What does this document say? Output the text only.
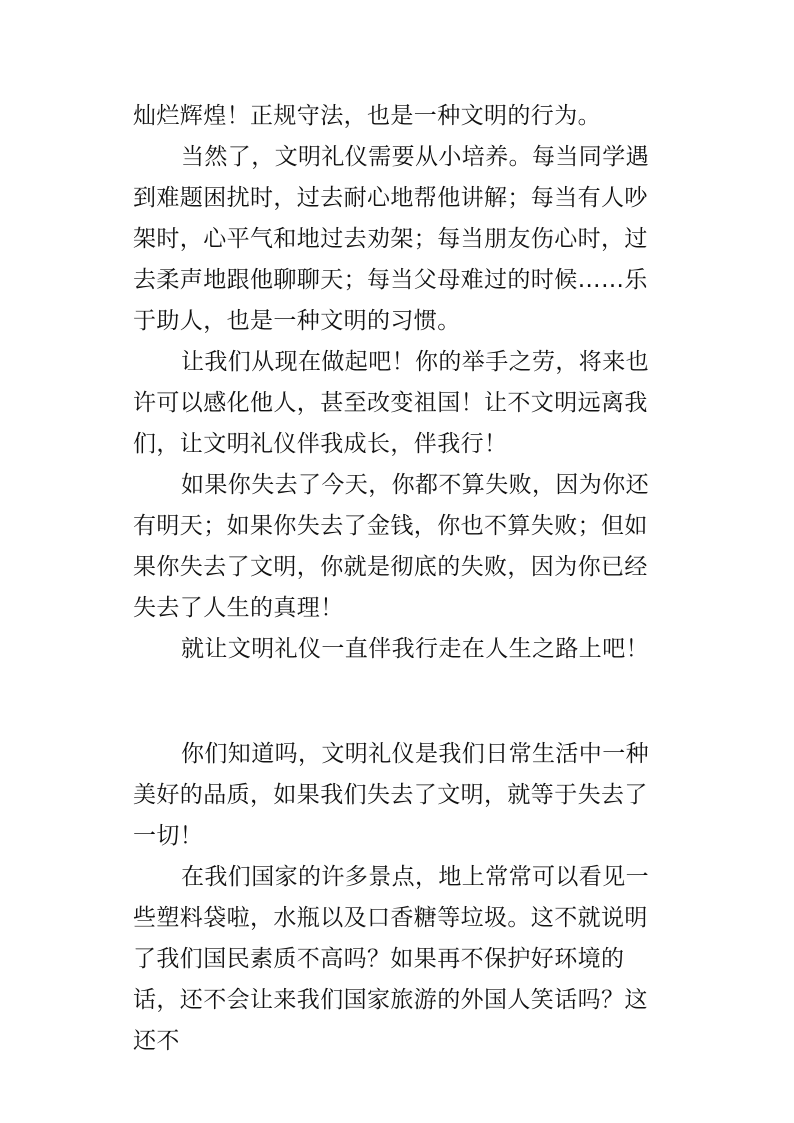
灿烂辉煌！正规守法，也是一种文明的行为。

当然了，文明礼仪需要从小培养。每当同学遇到难题困扰时，过去耐心地帮他讲解；每当有人吵架时，心平气和地过去劝架；每当朋友伤心时，过去柔声地跟他聊聊天；每当父母难过的时候……乐于助人，也是一种文明的习惯。

让我们从现在做起吧！你的举手之劳，将来也许可以感化他人，甚至改变祖国！让不文明远离我们，让文明礼仪伴我成长，伴我行！

如果你失去了今天，你都不算失败，因为你还有明天；如果你失去了金钱，你也不算失败；但如果你失去了文明，你就是彻底的失败，因为你已经失去了人生的真理！

就让文明礼仪一直伴我行走在人生之路上吧！

你们知道吗，文明礼仪是我们日常生活中一种美好的品质，如果我们失去了文明，就等于失去了一切！

在我们国家的许多景点，地上常常可以看见一些塑料袋啦，水瓶以及口香糖等垃圾。这不就说明了我们国民素质不高吗？如果再不保护好环境的话，还不会让来我们国家旅游的外国人笑话吗？这还不
